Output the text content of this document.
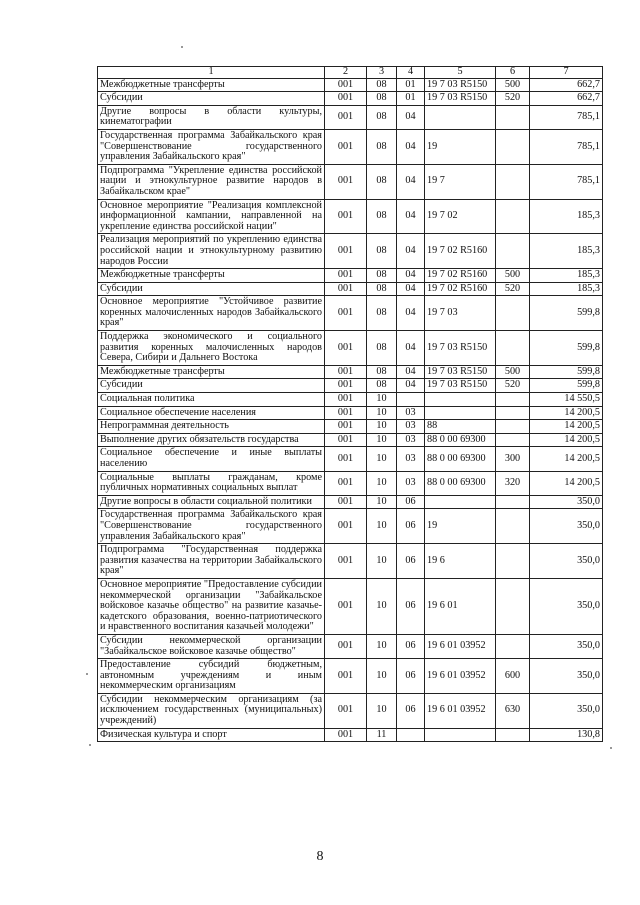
1	2	3	4	5	6	7
Межбюджетные трансферты	001	08	01	19 7 03 R5150	500	662,7
Субсидии	001	08	01	19 7 03 R5150	520	662,7
Другие вопросы в области культуры, кинематографии	001	08	04			785,1
Государственная программа Забайкальского края "Совершенствование государственного управления Забайкальского края"	001	08	04	19		785,1
Подпрограмма "Укрепление единства российской нации и этнокультурное развитие народов в Забайкальском крае"	001	08	04	19 7		785,1
Основное мероприятие "Реализация комплексной информационной кампании, направленной на укрепление единства российской нации"	001	08	04	19 7 02		185,3
Реализация мероприятий по укреплению единства российской нации и этнокультурному развитию народов России	001	08	04	19 7 02 R5160		185,3
Межбюджетные трансферты	001	08	04	19 7 02 R5160	500	185,3
Субсидии	001	08	04	19 7 02 R5160	520	185,3
Основное мероприятие "Устойчивое развитие коренных малочисленных народов Забайкальского края"	001	08	04	19 7 03		599,8
Поддержка экономического и социального развития коренных малочисленных народов Севера, Сибири и Дальнего Востока	001	08	04	19 7 03 R5150		599,8
Межбюджетные трансферты	001	08	04	19 7 03 R5150	500	599,8
Субсидии	001	08	04	19 7 03 R5150	520	599,8
Социальная политика	001	10				14 550,5
Социальное обеспечение населения	001	10	03			14 200,5
Непрограммная деятельность	001	10	03	88		14 200,5
Выполнение других обязательств государства	001	10	03	88 0 00 69300		14 200,5
Социальное обеспечение и иные выплаты населению	001	10	03	88 0 00 69300	300	14 200,5
Социальные выплаты гражданам, кроме публичных нормативных социальных выплат	001	10	03	88 0 00 69300	320	14 200,5
Другие вопросы в области социальной политики	001	10	06			350,0
Государственная программа Забайкальского края "Совершенствование государственного управления Забайкальского края"	001	10	06	19		350,0
Подпрограмма "Государственная поддержка развития казачества на территории Забайкальского края"	001	10	06	19 6		350,0
Основное мероприятие "Предоставление субсидии некоммерческой организации "Забайкальское войсковое казачье общество" на развитие казачье-кадетского образования, военно-патриотического и нравственного воспитания казачьей молодежи"	001	10	06	19 6 01		350,0
Субсидии некоммерческой организации "Забайкальское войсковое казачье общество"	001	10	06	19 6 01 03952		350,0
Предоставление субсидий бюджетным, автономным учреждениям и иным некоммерческим организациям	001	10	06	19 6 01 03952	600	350,0
Субсидии некоммерческим организациям (за исключением государственных (муниципальных) учреждений)	001	10	06	19 6 01 03952	630	350,0
Физическая культура и спорт	001	11				130,8
8
